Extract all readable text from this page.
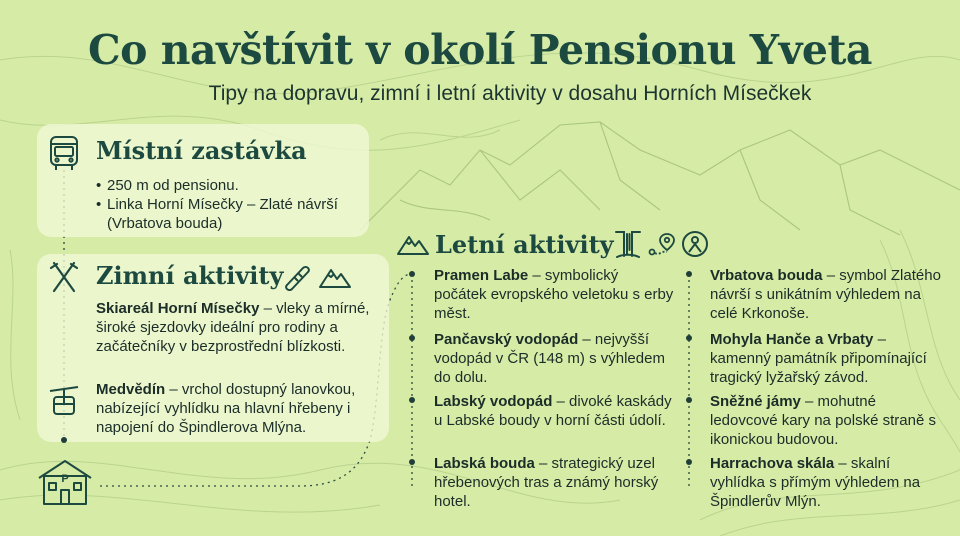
Co navštívit v okolí Pensionu Yveta

Tipy na dopravu, zimní i letní aktivity v dosahu Horních Mísečkek

Místní zastávka
• 250 m od pensionu.
• Linka Horní Mísečky – Zlaté návrší (Vrbatova bouda)
Zimní aktivity

Skiareál Horní Mísečky – vleky a mírné, široké sjezdovky ideální pro rodiny a začátečníky v bezprostřední blízkosti.

Medvědín – vrchol dostupný lanovkou, nabízející vyhlídku na hlavní hřebeny i napojení do Špindlerova Mlýna.

P
Letní aktivity

Pramen Labe – symbolický počátek evropského veletoku s erby měst.

Pančavský vodopád – nejvyšší vodopád v ČR (148 m) s výhledem do dolu.

Labský vodopád – divoké kaskády u Labské boudy v horní části údolí.

Labská bouda – strategický uzel hřebenových tras a známý horský hotel.

Vrbatova bouda – symbol Zlatého návrší s unikátním výhledem na celé Krkonoše.

Mohyla Hanče a Vrbaty – kamenný památník připomínající tragický lyžařský závod.

Sněžné jámy – mohutné ledovcové kary na polské straně s ikonickou budovou.

Harrachova skála – skalní vyhlídka s přímým výhledem na Špindlerův Mlýn.
